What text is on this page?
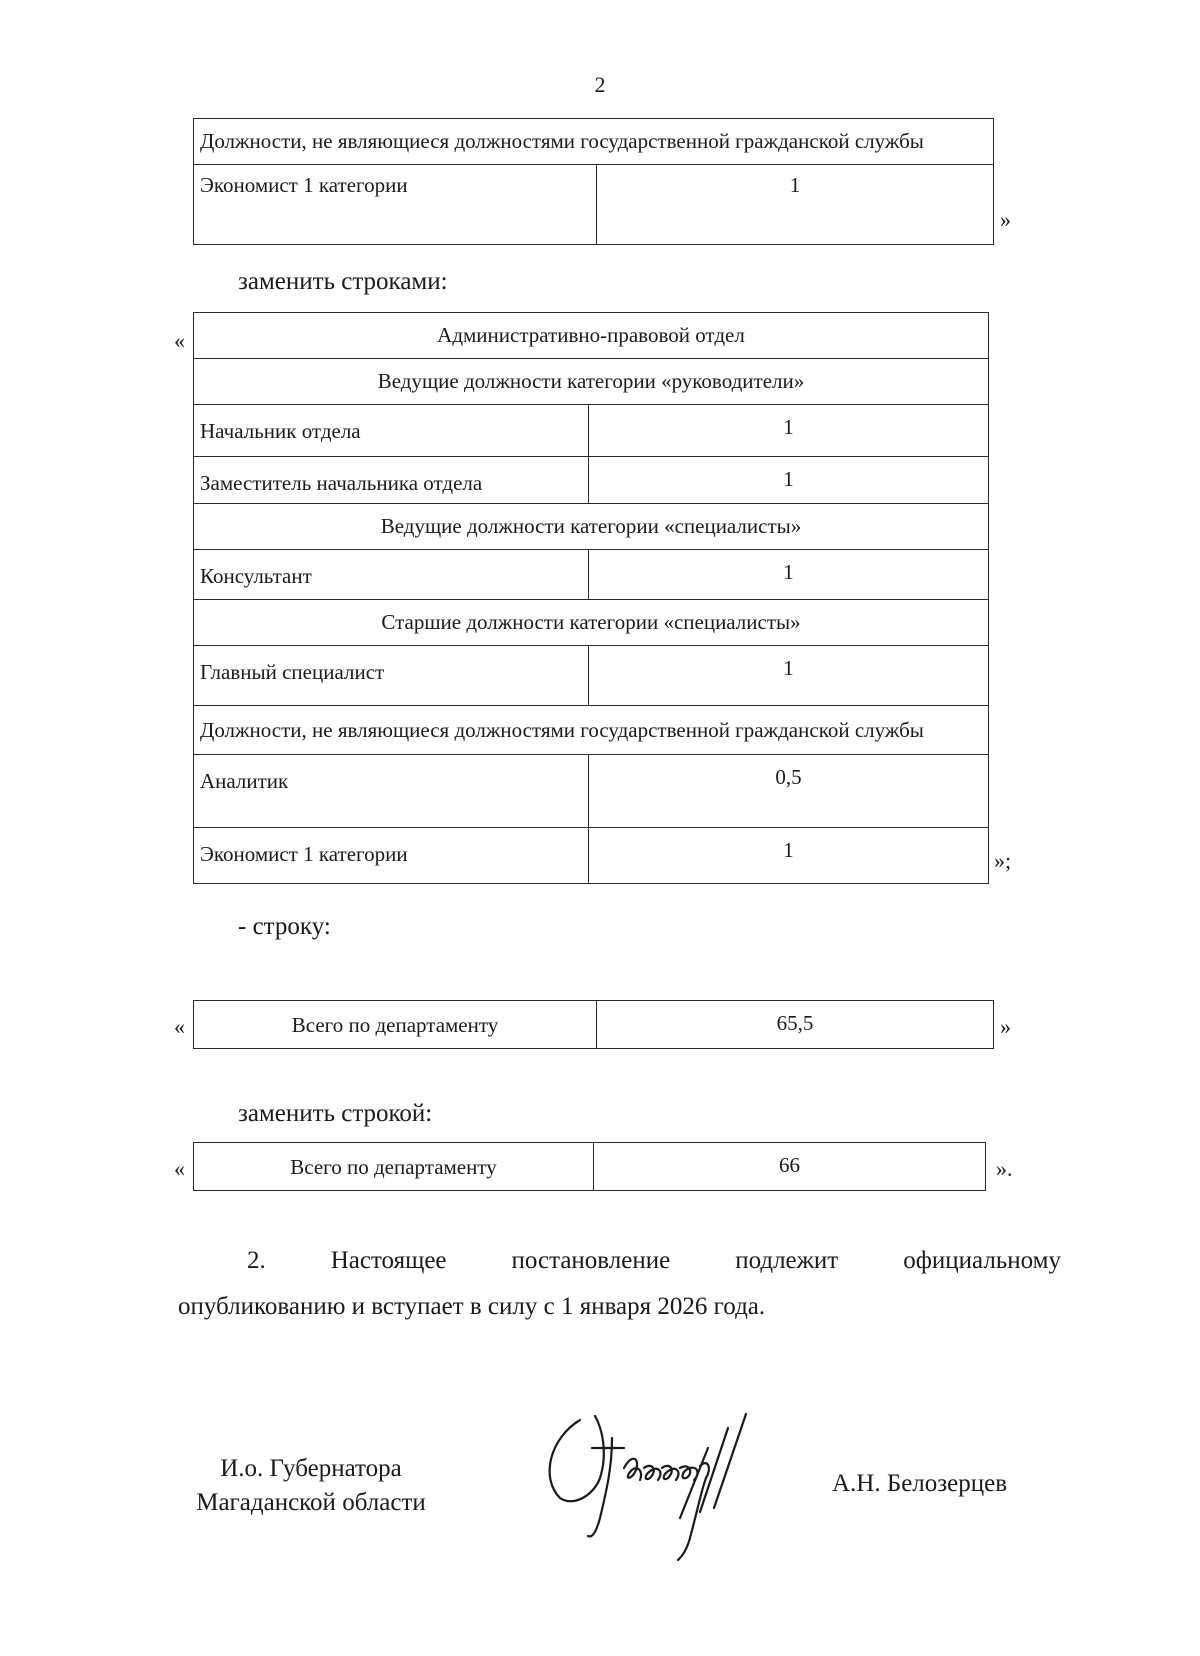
2
Должности, не являющиеся должностями государственной гражданской службы
Экономист 1 категории	1
»
заменить строками:
«	Административно-правовой отдел	
Ведущие должности категории «руководители»	
Начальник отдела	1
Заместитель начальника отдела	1
Ведущие должности категории «специалисты»	
Консультант	1
Старшие должности категории «специалисты»	
Главный специалист	1
Должности, не являющиеся должностями государственной гражданской службы	
Аналитик	0,5
Экономист 1 категории	1	»;
- строку:
«	Всего по департаменту	65,5	»
заменить строкой:
«	Всего по департаменту	66	».
2.	Настоящее	постановление	подлежит	официальному
опубликованию и вступает в силу с 1 января 2026 года.
И.о. Губернатора
Магаданской области
А.Н. Белозерцев
